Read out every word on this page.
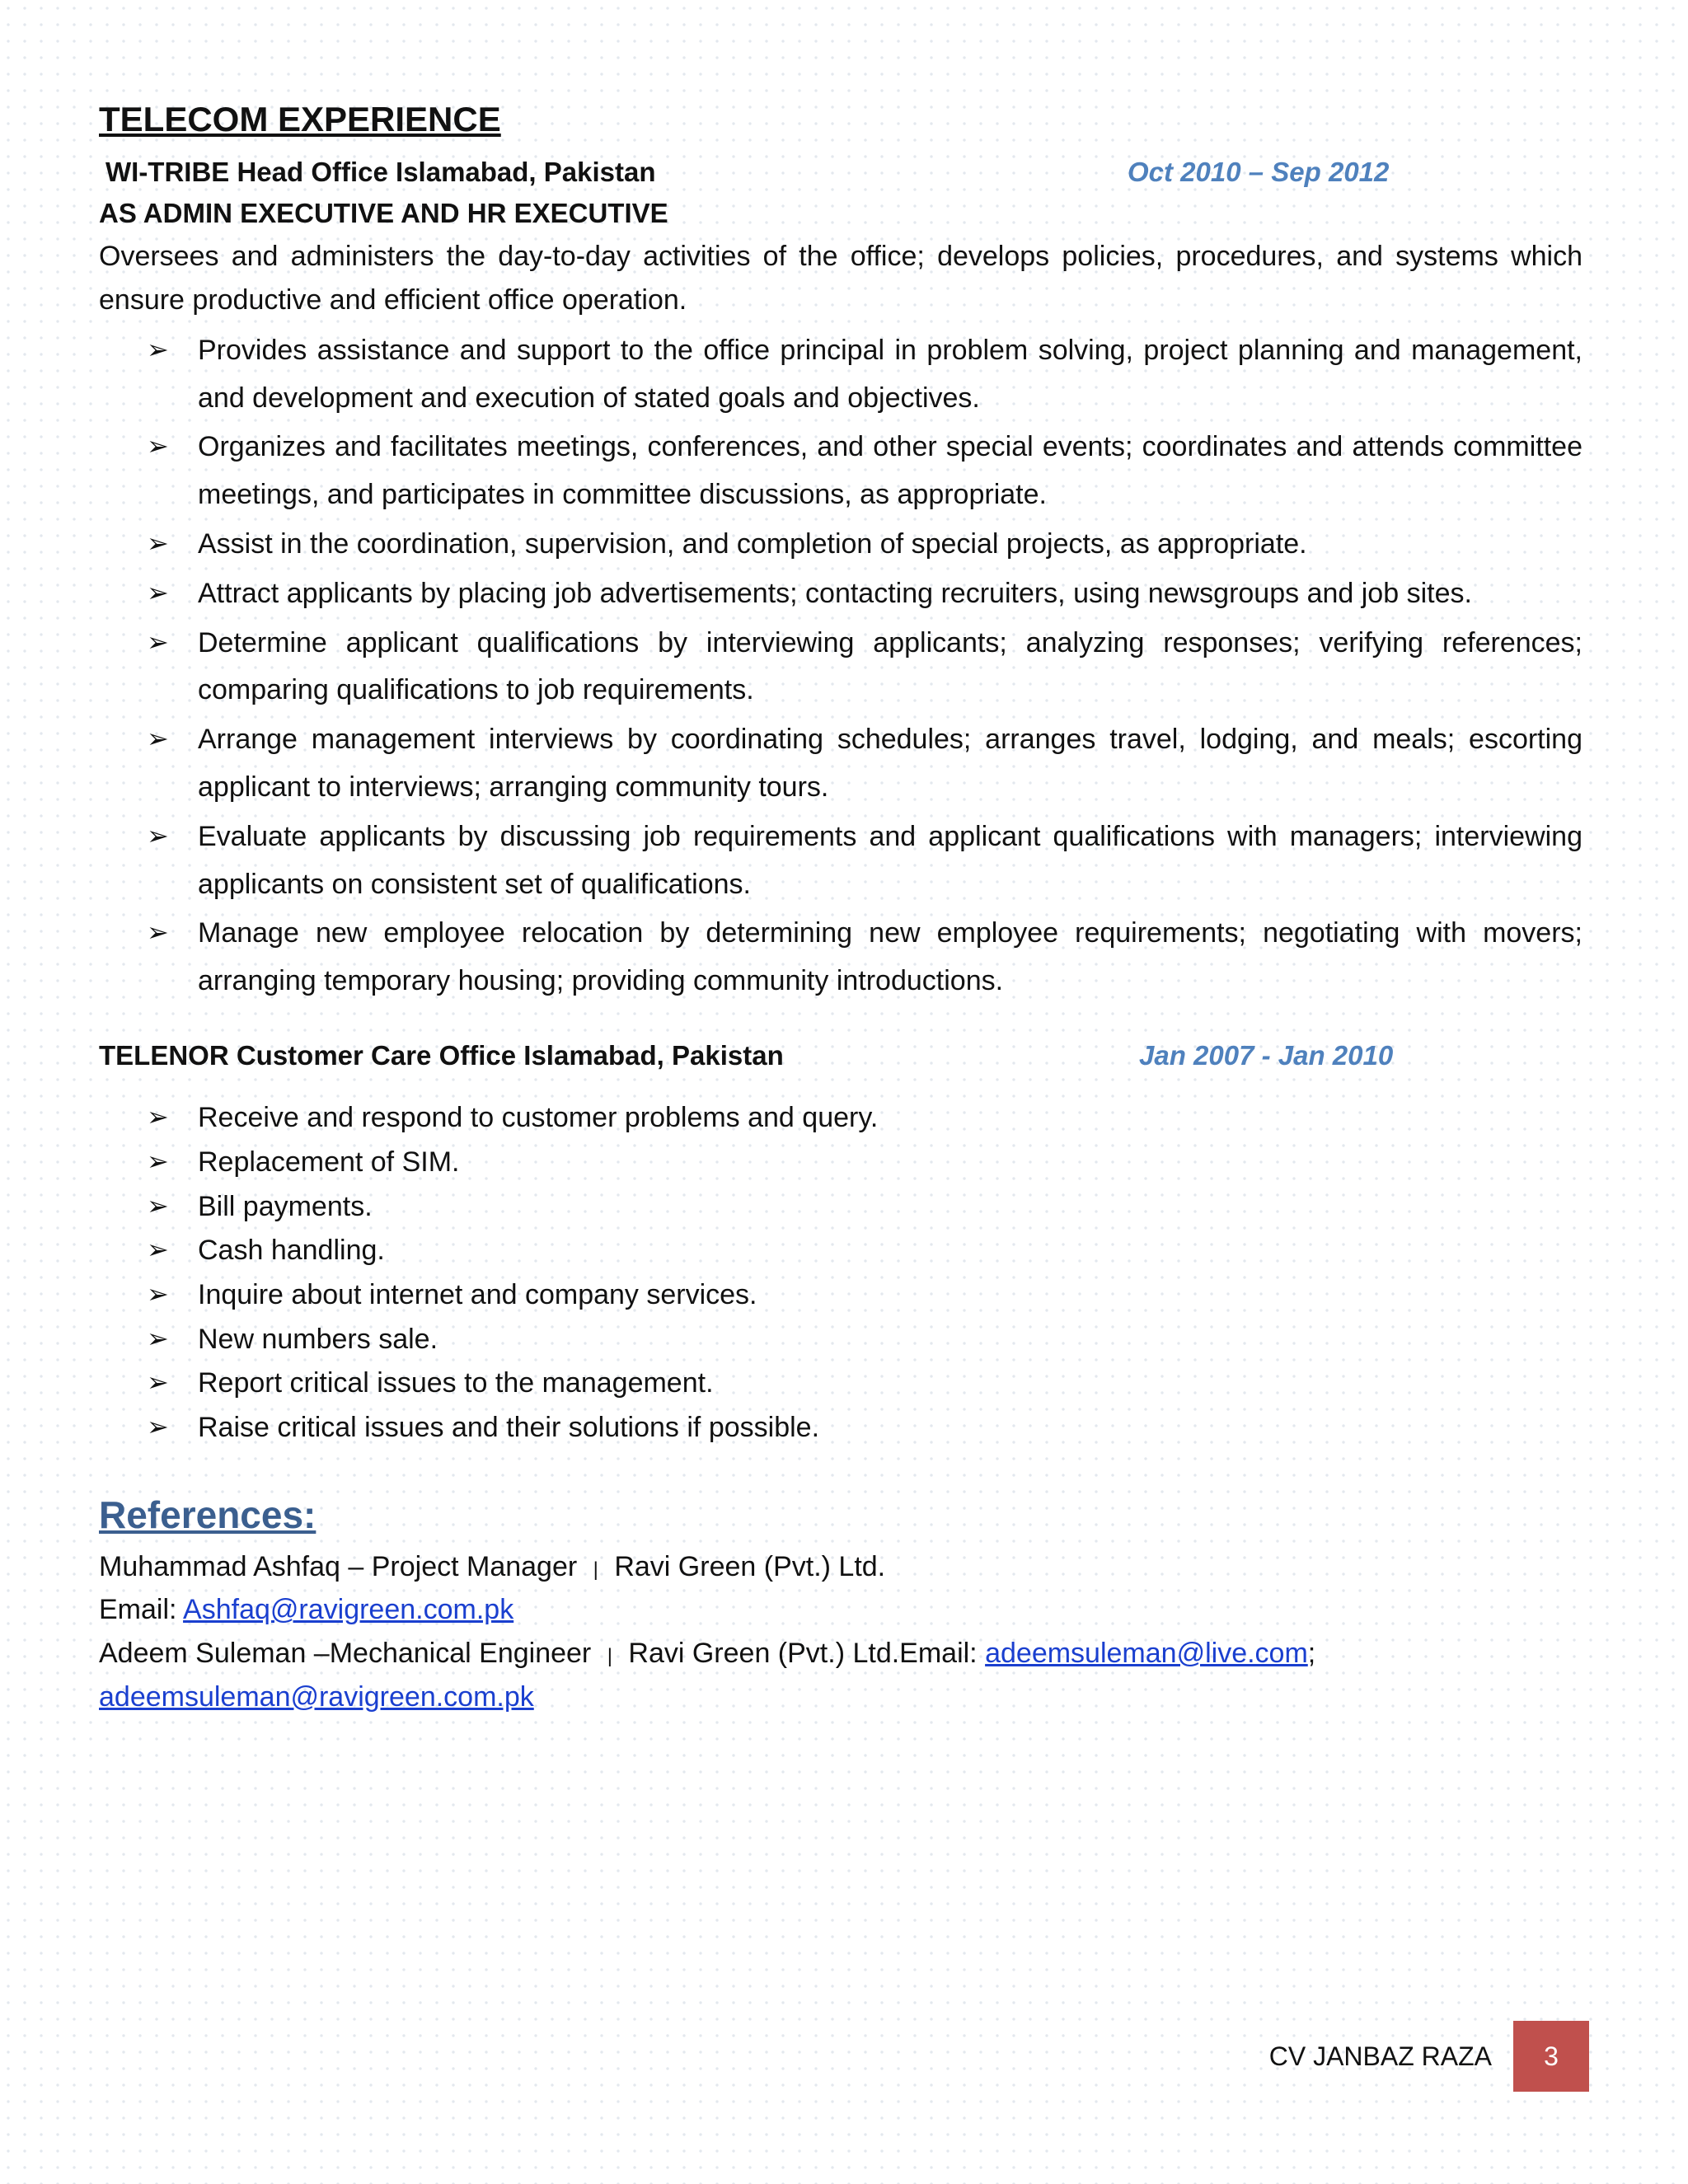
TELECOM EXPERIENCE
WI-TRIBE Head Office Islamabad, Pakistan	Oct 2010 – Sep 2012
AS ADMIN EXECUTIVE AND HR EXECUTIVE
Oversees and administers the day-to-day activities of the office; develops policies, procedures, and systems which ensure productive and efficient office operation.
➢ Provides assistance and support to the office principal in problem solving, project planning and management, and development and execution of stated goals and objectives.
➢ Organizes and facilitates meetings, conferences, and other special events; coordinates and attends committee meetings, and participates in committee discussions, as appropriate.
➢ Assist in the coordination, supervision, and completion of special projects, as appropriate.
➢ Attract applicants by placing job advertisements; contacting recruiters, using newsgroups and job sites.
➢ Determine applicant qualifications by interviewing applicants; analyzing responses; verifying references; comparing qualifications to job requirements.
➢ Arrange management interviews by coordinating schedules; arranges travel, lodging, and meals; escorting applicant to interviews; arranging community tours.
➢ Evaluate applicants by discussing job requirements and applicant qualifications with managers; interviewing applicants on consistent set of qualifications.
➢ Manage new employee relocation by determining new employee requirements; negotiating with movers; arranging temporary housing; providing community introductions.
TELENOR Customer Care Office Islamabad, Pakistan	Jan 2007 - Jan 2010
➢ Receive and respond to customer problems and query.
➢ Replacement of SIM.
➢ Bill payments.
➢ Cash handling.
➢ Inquire about internet and company services.
➢ New numbers sale.
➢ Report critical issues to the management.
➢ Raise critical issues and their solutions if possible.
References:
Muhammad Ashfaq – Project Manager | Ravi Green (Pvt.) Ltd.
Email: Ashfaq@ravigreen.com.pk
Adeem Suleman –Mechanical Engineer | Ravi Green (Pvt.) Ltd.Email: adeemsuleman@live.com;
adeemsuleman@ravigreen.com.pk
CV JANBAZ RAZA	3
